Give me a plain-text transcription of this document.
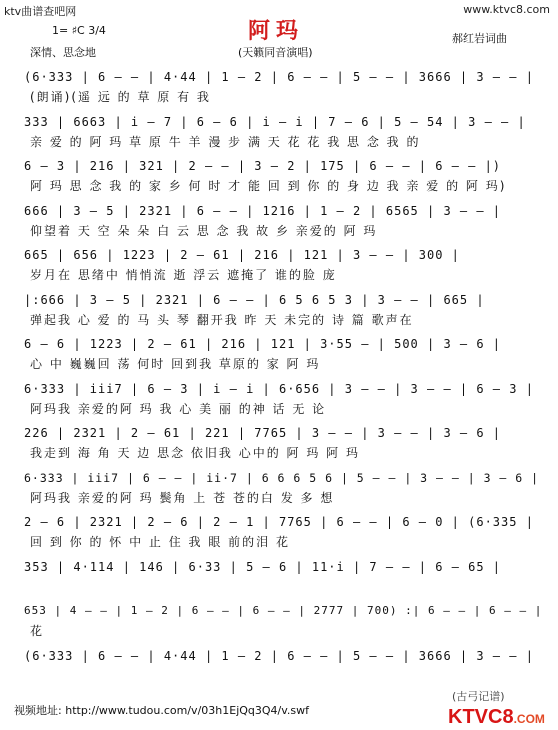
ktv曲谱查吧网	www.ktvc8.com
阿玛
1= ♯C 3/4
深情、思念地
郝红岩词曲
(天籁同音演唱)
(6·333 | 6 – – | 4·44 | 1 – 2 | 6 – – | 5 – – | 3666 | 3 – – |
(朗诵)(遥 远 的 草 原 有 我
333 | 6663 | i – 7 | 6 – 6 | i – i | 7 – 6 | 5 – 54 | 3 – – |
亲 爱 的 阿 玛 草 原 牛 羊 漫 步 满 天 花 花 我 思 念 我 的
6 – 3 | 216 | 321 | 2 – – | 3 – 2 | 175 | 6 – – | 6 – – |)
阿 玛 思 念 我 的 家 乡 何 时 才 能 回 到 你 的 身 边 我 亲 爱 的 阿 玛)
666 | 3 – 5 | 2321 | 6 – – | 1216 | 1 – 2 | 6565 | 3 – – |
仰望着 天 空 朵 朵 白 云 思 念 我 故 乡 亲爱的 阿 玛
665 | 656 | 1223 | 2 – 61 | 216 | 121 | 3 – – | 300 |
岁月在 思绪中 悄悄流 逝 浮云 遮掩了 谁的脸 庞
|:666 | 3 – 5 | 2321 | 6 – – | 6 5 6 5 3 | 3 – – | 665 |
弹起我 心 爱 的 马 头 琴 翻开我 昨 天 未完的 诗 篇 歌声在
6 – 6 | 1223 | 2 – 61 | 216 | 121 | 3·55 – | 500 | 3 – 6 |
心 中 巍巍回 荡 何时 回到我 草原的 家 阿 玛
6·333 | iii7 | 6 – 3 | i – i | 6·656 | 3 – – | 3 – – | 6 – 3 |
阿玛我 亲爱的阿 玛 我 心 美 丽 的神 话 无 论
226 | 2321 | 2 – 61 | 221 | 7765 | 3 – – | 3 – – | 3 – 6 |
我走到 海 角 天 边 思念 依旧我 心中的 阿 玛 阿 玛
6·333 | iii7 | 6 – – | ii·7 | 6 6 6 5 6 | 5 – – | 3 – – | 3 – 6 |
阿玛我 亲爱的阿 玛 鬓角 上 苍 苍的白 发 多 想
2 – 6 | 2321 | 2 – 6 | 2 – 1 | 7765 | 6 – – | 6 – 0 | (6·335 |
回 到 你 的 怀 中 止 住 我 眼 前的泪 花
353 | 4·114 | 146 | 6·33 | 5 – 6 | 11·i | 7 – – | 6 – 65 |
653 | 4 – – | 1 – 2 | 6 – – | 6 – – | 2777 | 700) :| 6 – – | 6 – – |
花
(6·333 | 6 – – | 4·44 | 1 – 2 | 6 – – | 5 – – | 3666 | 3 – – |
视频地址: http://www.tudou.com/v/03h1EjQq3Q4/v.swf
(古弓记谱)
KTVC8.COM
